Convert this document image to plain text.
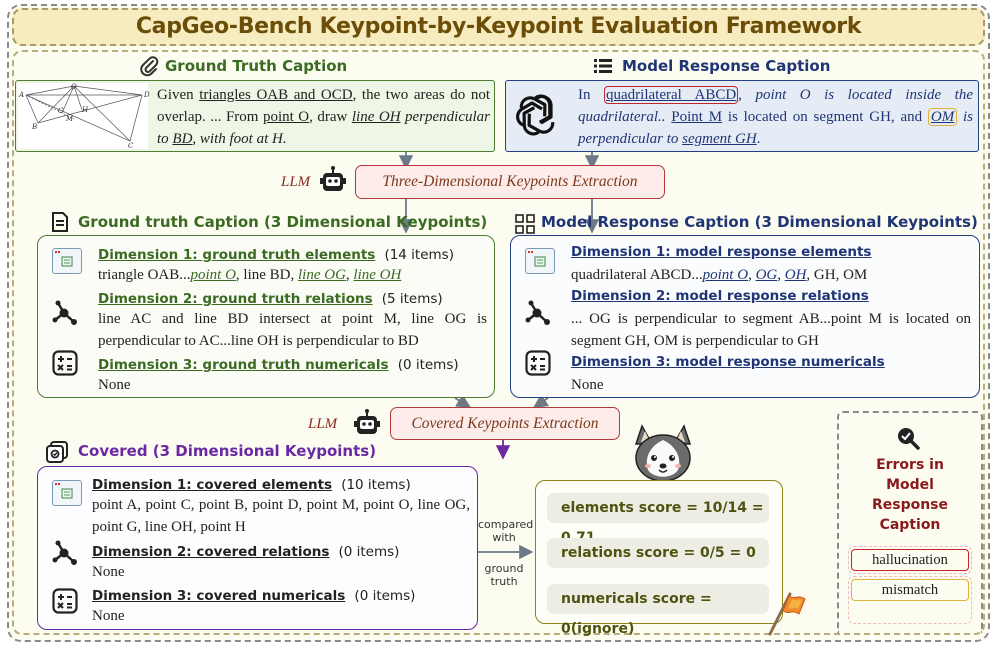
CapGeo-Bench Keypoint-by-Keypoint Evaluation Framework
Ground Truth Caption	Model Response Caption
A
O
D
G	H
M
B
C
Given triangles OAB and OCD, the two areas do not overlap. ... From point O, draw line OH perpendicular to BD, with foot at H.
In quadrilateral ABCD , point O is located inside the quadrilateral.. Point M is located on segment GH, and OM is perpendicular to segment GH.
LLM	Three-Dimensional Keypoints Extraction
Ground truth Caption (3 Dimensional Keypoints)	Model Response Caption (3 Dimensional Keypoints)
Dimension 1: ground truth elements (14 items)
triangle OAB...point O, line BD, line OG, line OH
Dimension 2: ground truth relations (5 items)
line AC and line BD intersect at point M, line OG is perpendicular to AC...line OH is perpendicular to BD
Dimension 3: ground truth numericals (0 items)
None
Dimension 1: model response elements
quadrilateral ABCD...point O, OG, OH, GH, OM
Dimension 2: model response relations
... OG is perpendicular to segment AB...point M is located on segment GH, OM is perpendicular to GH
Dimension 3: model response numericals
None
LLM	Covered Keypoints Extraction
Covered (3 Dimensional Keypoints)
Dimension 1: covered elements (10 items)
point A, point C, point B, point D, point M, point O, line OG, point G, line OH, point H
Dimension 2: covered relations (0 items)
None
Dimension 3: covered numericals (0 items)
None
compared with
ground truth
elements score = 10/14 =
relations score = 0/5 = 0
numericals score = 0(ignore)
Errors in Model Response Caption
hallucination
mismatch
